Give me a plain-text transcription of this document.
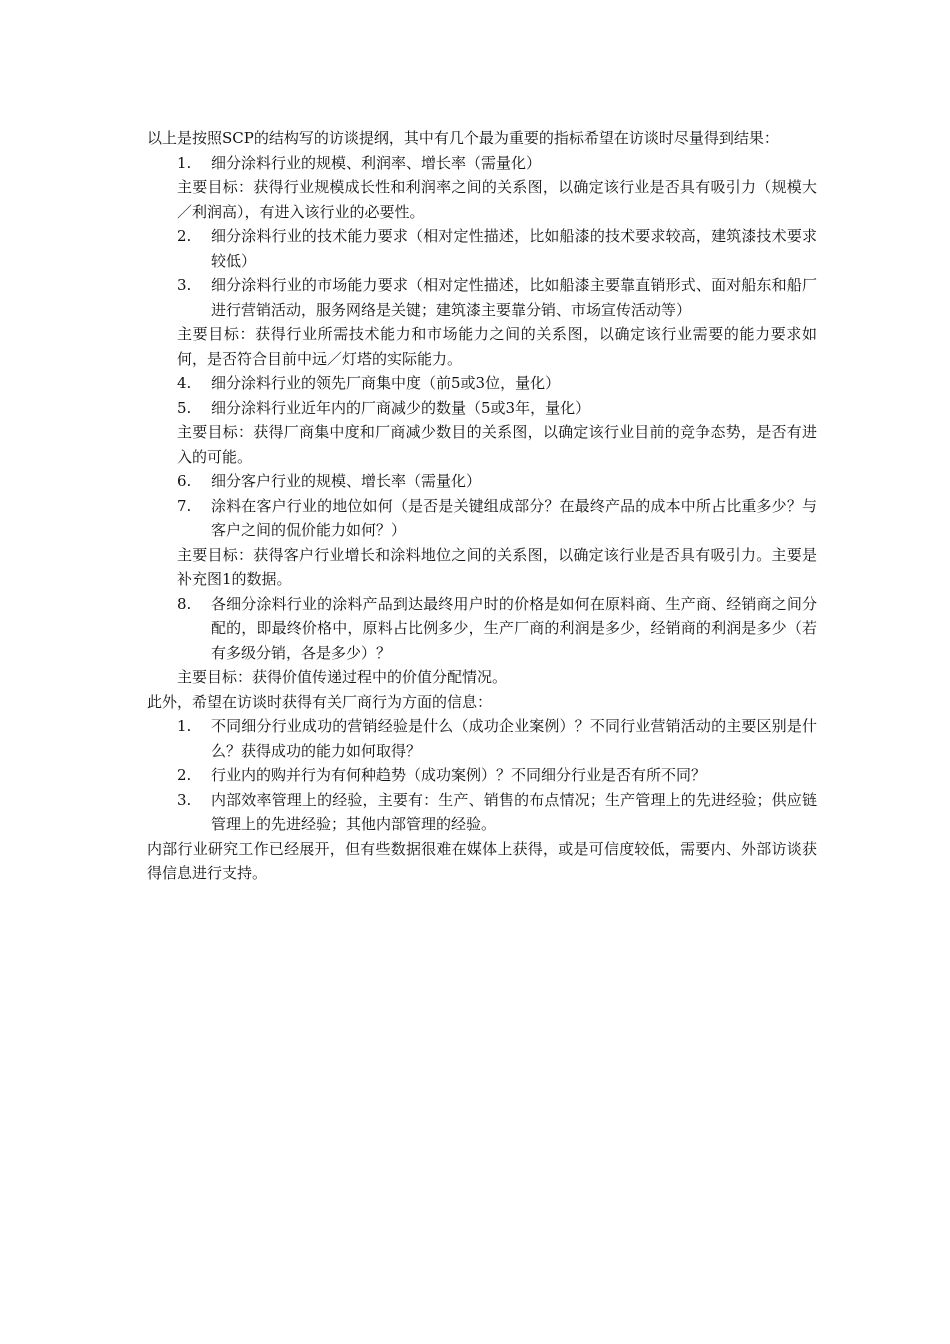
以上是按照SCP的结构写的访谈提纲，其中有几个最为重要的指标希望在访谈时尽量得到结果：

1.	细分涂料行业的规模、利润率、增长率（需量化）

主要目标：获得行业规模成长性和利润率之间的关系图，以确定该行业是否具有吸引力（规模大／利润高），有进入该行业的必要性。

2.	细分涂料行业的技术能力要求（相对定性描述，比如船漆的技术要求较高，建筑漆技术要求较低）
3.	细分涂料行业的市场能力要求（相对定性描述，比如船漆主要靠直销形式、面对船东和船厂进行营销活动，服务网络是关键；建筑漆主要靠分销、市场宣传活动等）

主要目标：获得行业所需技术能力和市场能力之间的关系图，以确定该行业需要的能力要求如何，是否符合目前中远／灯塔的实际能力。

4.	细分涂料行业的领先厂商集中度（前5或3位，量化）
5.	细分涂料行业近年内的厂商减少的数量（5或3年，量化）

主要目标：获得厂商集中度和厂商减少数目的关系图，以确定该行业目前的竞争态势，是否有进入的可能。

6.	细分客户行业的规模、增长率（需量化）
7.	涂料在客户行业的地位如何（是否是关键组成部分？在最终产品的成本中所占比重多少？与客户之间的侃价能力如何？）

主要目标：获得客户行业增长和涂料地位之间的关系图，以确定该行业是否具有吸引力。主要是补充图1的数据。

8.	各细分涂料行业的涂料产品到达最终用户时的价格是如何在原料商、生产商、经销商之间分配的，即最终价格中，原料占比例多少，生产厂商的利润是多少，经销商的利润是多少（若有多级分销，各是多少）？

主要目标：获得价值传递过程中的价值分配情况。

此外，希望在访谈时获得有关厂商行为方面的信息：

1.	不同细分行业成功的营销经验是什么（成功企业案例）？不同行业营销活动的主要区别是什么？获得成功的能力如何取得？
2.	行业内的购并行为有何种趋势（成功案例）？不同细分行业是否有所不同？
3.	内部效率管理上的经验，主要有：生产、销售的布点情况；生产管理上的先进经验；供应链管理上的先进经验；其他内部管理的经验。

内部行业研究工作已经展开，但有些数据很难在媒体上获得，或是可信度较低，需要内、外部访谈获得信息进行支持。
